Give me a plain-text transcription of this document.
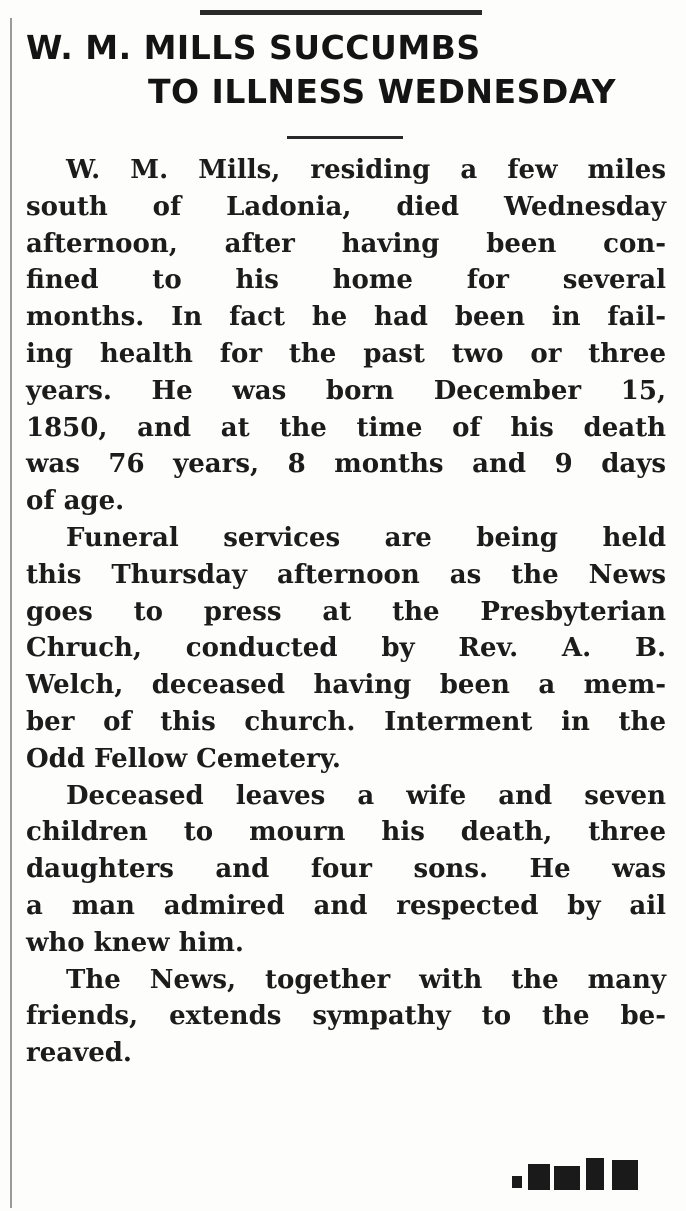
W. M. MILLS SUCCUMBS
TO ILLNESS WEDNESDAY
W. M. Mills, residing a few miles
south of Ladonia, died Wednesday
afternoon, after having been con-
fined to his home for several
months. In fact he had been in fail-
ing health for the past two or three
years. He was born December 15,
1850, and at the time of his death
was 76 years, 8 months and 9 days
of age.
Funeral services are being held
this Thursday afternoon as the News
goes to press at the Presbyterian
Chruch, conducted by Rev. A. B.
Welch, deceased having been a mem-
ber of this church. Interment in the
Odd Fellow Cemetery.
Deceased leaves a wife and seven
children to mourn his death, three
daughters and four sons. He was
a man admired and respected by ail
who knew him.
The News, together with the many
friends, extends sympathy to the be-
reaved.
